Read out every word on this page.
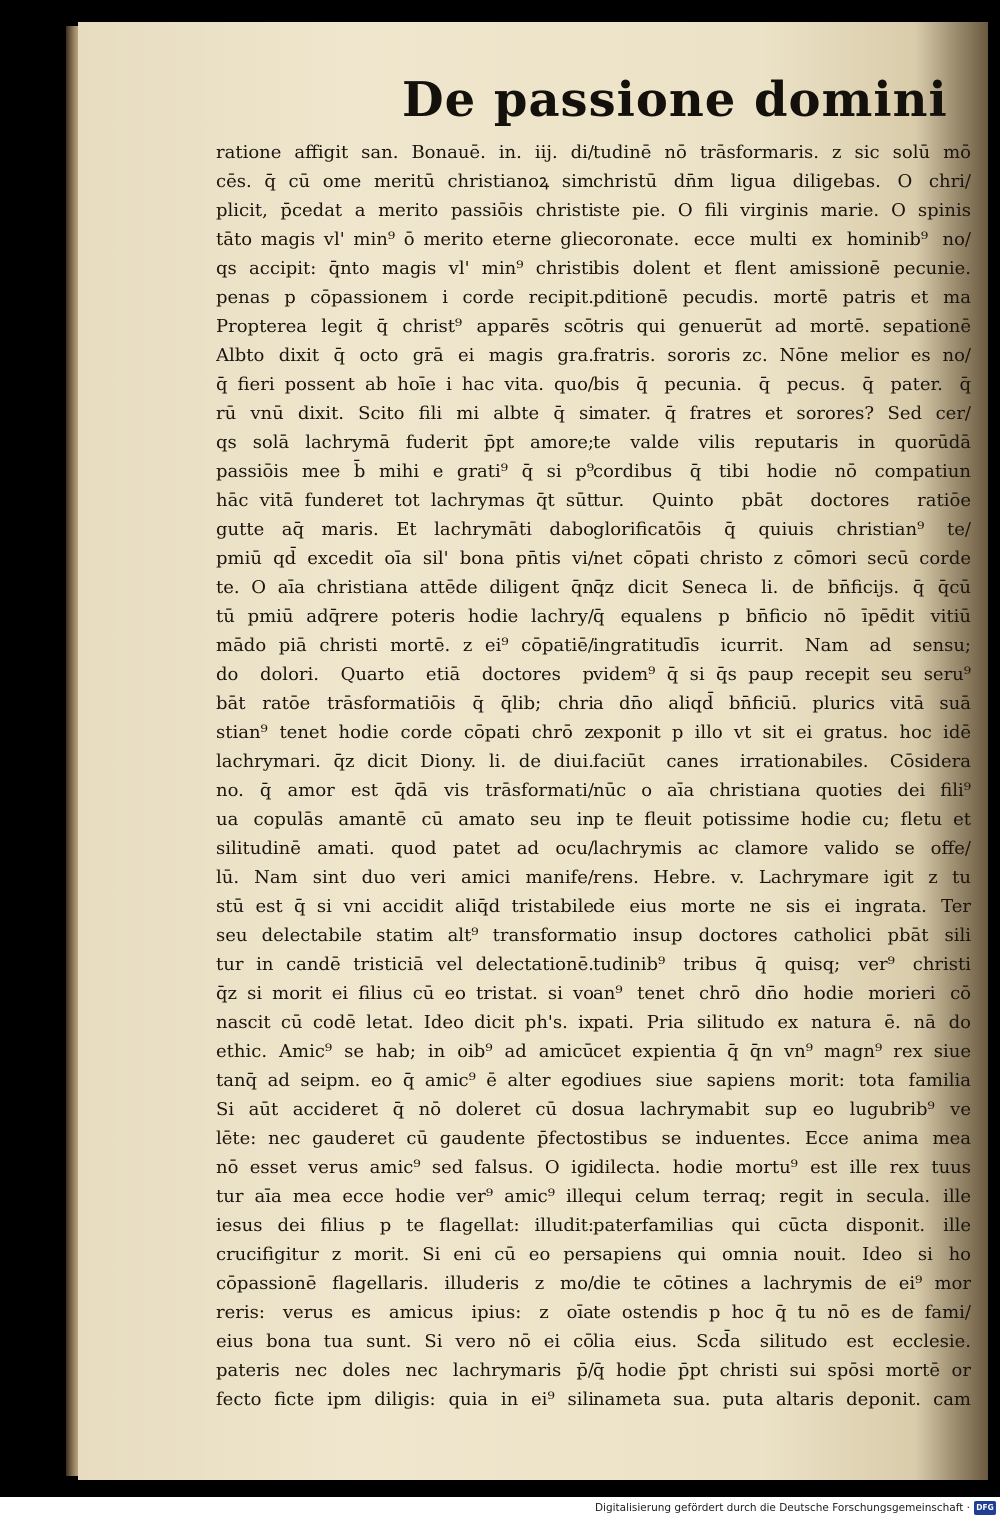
De passione domini
ratione affigit san. Bonauē. in. iij. di/
cēs. q̄ cū ome meritū christianoꝝ sim
plicit, p̄cedat a merito passiōis christi
tāto magis vl' min⁹ ō merito eterne glie
qs accipit: q̄nto magis vl' min⁹ christi
penas p cōpassionem i corde recipit.
Propterea legit q̄ christ⁹ apparēs scō
Albto dixit q̄ octo grā ei magis gra.
q̄ fieri possent ab hoīe i hac vita. quo/
rū vnū dixit. Scito fili mi albte q̄ si
qs solā lachrymā fuderit p̄pt amore;
passiōis mee b̄ mihi e grati⁹ q̄ si p⁹
hāc vitā funderet tot lachrymas q̄t sūt
gutte aq̄ maris. Et lachrymāti dabo
pmiū qd̄ excedit oīa sil' bona pn̄tis vi/
te. O aīa christiana attēde diligent q̄n
tū pmiū adq̄rere poteris hodie lachry/
mādo piā christi mortē. z ei⁹ cōpatiē/
do dolori. Quarto etiā doctores p
bāt ratōe trāsformatiōis q̄ q̄lib; chri
stian⁹ tenet hodie corde cōpati chrō z
lachrymari. q̄z dicit Diony. li. de diui.
no. q̄ amor est q̄dā vis trāsformati/
ua copulās amantē cū amato seu in
silitudinē amati. quod patet ad ocu/
lū. Nam sint duo veri amici manife/
stū est q̄ si vni accidit aliq̄d tristabile
seu delectabile statim alt⁹ transforma
tur in candē tristiciā vel delectationē.
q̄z si morit ei filius cū eo tristat. si vo
nascit cū codē letat. Ideo dicit ph's. ix
ethic. Amic⁹ se hab; in oib⁹ ad amicū
tanq̄ ad seipm. eo q̄ amic⁹ ē alter ego
Si aūt accideret q̄ nō doleret cū do
lēte: nec gauderet cū gaudente p̄fecto
nō esset verus amic⁹ sed falsus. O igi
tur aīa mea ecce hodie ver⁹ amic⁹ ille
iesus dei filius p te flagellat: illudit:
crucifigitur z morit. Si eni cū eo per
cōpassionē flagellaris. illuderis z mo/
reris: verus es amicus ipius: z oīa
eius bona tua sunt. Si vero nō ei cō
pateris nec doles nec lachrymaris p̄/
fecto ficte ipm diligis: quia in ei⁹ sili
tudinē nō trāsformaris. z sic solū mō
christū dn̄m ligua diligebas. O chri/
ste pie. O fili virginis marie. O spinis
coronate. ecce multi ex hominib⁹ no/
bis dolent et flent amissionē pecunie.
pditionē pecudis. mortē patris et ma
tris qui genuerūt ad mortē. sepationē
fratris. sororis zc. Nōne melior es no/
bis q̄ pecunia. q̄ pecus. q̄ pater. q̄
mater. q̄ fratres et sorores? Sed cer/
te valde vilis reputaris in quorūdā
cordibus q̄ tibi hodie nō compatiun
tur. Quinto pbāt doctores ratiōe
glorificatōis q̄ quiuis christian⁹ te/
net cōpati christo z cōmori secū corde
q̄z dicit Seneca li. de bn̄ficijs. q̄ q̄cū
q̄ equalens p bn̄ficio nō īpēdit vitiū
ingratitudīs icurrit. Nam ad sensu;
videm⁹ q̄ si q̄s paup recepit seu seru⁹
a dn̄o aliqd̄ bn̄ficiū. plurics vitā suā
exponit p illo vt sit ei gratus. hoc idē
faciūt canes irrationabiles. Cōsidera
nūc o aīa christiana quoties dei fili⁹
p te fleuit potissime hodie cu; fletu et
lachrymis ac clamore valido se offe/
rens. Hebre. v. Lachrymare igit z tu
de eius morte ne sis ei ingrata. Ter
tio insup doctores catholici pbāt sili
tudinib⁹ tribus q̄ quisq; ver⁹ christi
an⁹ tenet chrō dn̄o hodie morieri cō
pati. Pria silitudo ex natura ē. nā do
cet expientia q̄ q̄n vn⁹ magn⁹ rex siue
diues siue sapiens morit: tota familia
sua lachrymabit sup eo lugubrib⁹ ve
stibus se induentes. Ecce anima mea
dilecta. hodie mortu⁹ est ille rex tuus
qui celum terraq; regit in secula. ille
paterfamilias qui cūcta disponit. ille
sapiens qui omnia nouit. Ideo si ho
die te cōtines a lachrymis de ei⁹ mor
te ostendis p hoc q̄ tu nō es de fami/
lia eius. Scd̄a silitudo est ecclesie.
q̄ hodie p̄pt christi sui spōsi mortē or
nameta sua. puta altaris deponit. cam
Digitalisierung gefördert durch die Deutsche Forschungsgemeinschaft · DFG
